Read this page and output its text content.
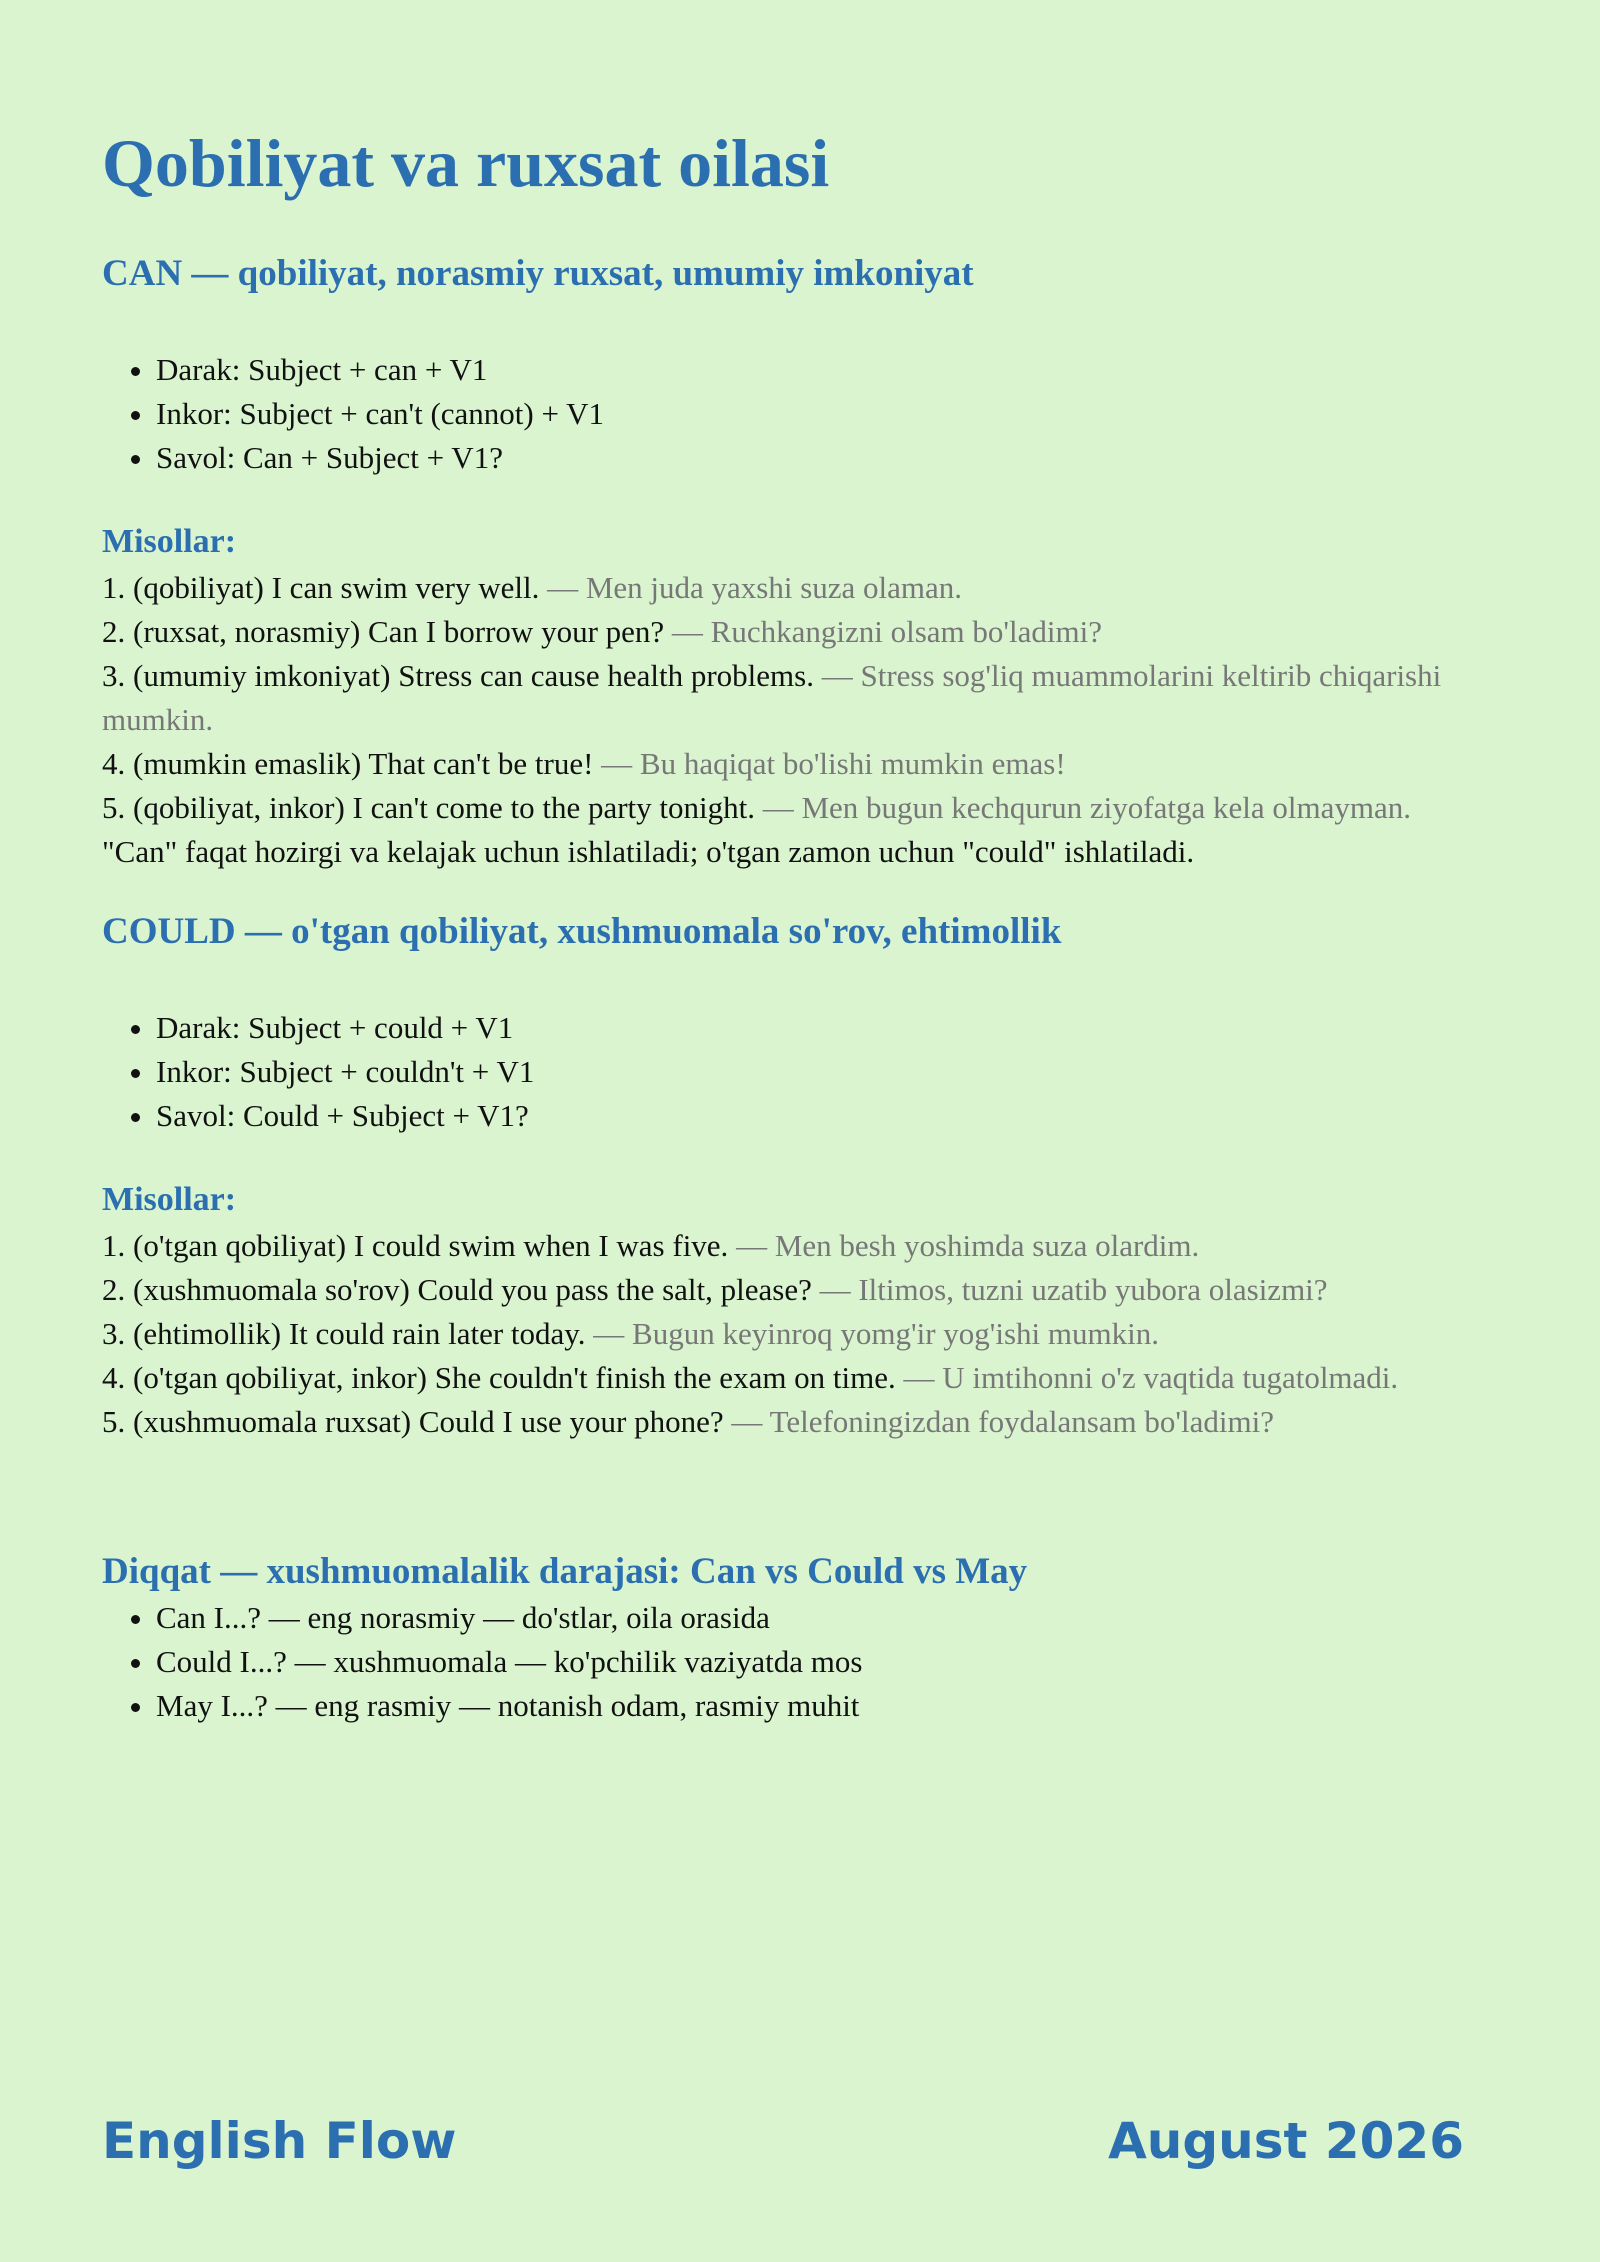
Qobiliyat va ruxsat oilasi
CAN — qobiliyat, norasmiy ruxsat, umumiy imkoniyat
• Darak: Subject + can + V1
• Inkor: Subject + can't (cannot) + V1
• Savol: Can + Subject + V1?
Misollar:
1. (qobiliyat) I can swim very well. — Men juda yaxshi suza olaman.
2. (ruxsat, norasmiy) Can I borrow your pen? — Ruchkangizni olsam bo'ladimi?
3. (umumiy imkoniyat) Stress can cause health problems. — Stress sog'liq muammolarini keltirib chiqarishi mumkin.
4. (mumkin emaslik) That can't be true! — Bu haqiqat bo'lishi mumkin emas!
5. (qobiliyat, inkor) I can't come to the party tonight. — Men bugun kechqurun ziyofatga kela olmayman.

"Can" faqat hozirgi va kelajak uchun ishlatiladi; o'tgan zamon uchun "could" ishlatiladi.

COULD — o'tgan qobiliyat, xushmuomala so'rov, ehtimollik
• Darak: Subject + could + V1
• Inkor: Subject + couldn't + V1
• Savol: Could + Subject + V1?
Misollar:
1. (o'tgan qobiliyat) I could swim when I was five. — Men besh yoshimda suza olardim.
2. (xushmuomala so'rov) Could you pass the salt, please? — Iltimos, tuzni uzatib yubora olasizmi?
3. (ehtimollik) It could rain later today. — Bugun keyinroq yomg'ir yog'ishi mumkin.
4. (o'tgan qobiliyat, inkor) She couldn't finish the exam on time. — U imtihonni o'z vaqtida tugatolmadi.
5. (xushmuomala ruxsat) Could I use your phone? — Telefoningizdan foydalansam bo'ladimi?
Diqqat — xushmuomalalik darajasi: Can vs Could vs May
• Can I...? — eng norasmiy — do'stlar, oila orasida
• Could I...? — xushmuomala — ko'pchilik vaziyatda mos
• May I...? — eng rasmiy — notanish odam, rasmiy muhit
English Flow	August 2026
